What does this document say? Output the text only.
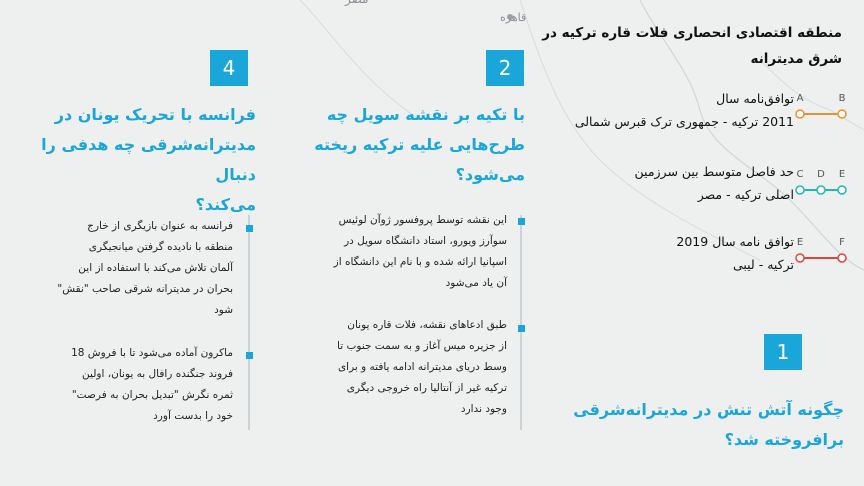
قاهره
منطقه اقتصادی انحصاری فلات قاره ترکیه در شرق مدیترانه
توافق‌نامه سال
2011 ترکیه - جمهوری ترک قبرس شمالی
A	B
حد فاصل متوسط بین سرزمین
اصلی ترکیه - مصر
C D E
توافق نامه سال 2019
ترکیه - لیبی
E	F
1
چگونه آتش تنش در مدیترانه‌شرقی
برافروخته شد؟
2
با تکیه بر نقشه سویل چه
طرح‌هایی علیه ترکیه ریخته
می‌شود؟
این نقشه توسط پروفسور ژوآن لوئیس
سوآرز ویورو، استاد دانشگاه سویل در
اسپانیا ارائه شده و با نام این دانشگاه از
آن یاد می‌شود
طبق ادعاهای نقشه، فلات قاره یونان
از جزیره میس آغاز و به سمت جنوب تا
وسط دریای مدیترانه ادامه یافته و برای
ترکیه غیر از آنتالیا راه خروجی دیگری
وجود ندارد
4
فرانسه با تحریک یونان در
مدیترانه‌شرقی چه هدفی را دنبال
می‌کند؟
فرانسه به عنوان بازیگری از خارج
منطقه با نادیده گرفتن میانجیگری
آلمان تلاش می‌کند با استفاده از این
بحران در مدیترانه شرقی صاحب "نقش"
شود
ماکرون آماده می‌شود تا با فروش 18
فروند جنگنده رافال به یونان، اولین
ثمره نگرش "تبدیل بحران به فرصت"
خود را بدست آورد
